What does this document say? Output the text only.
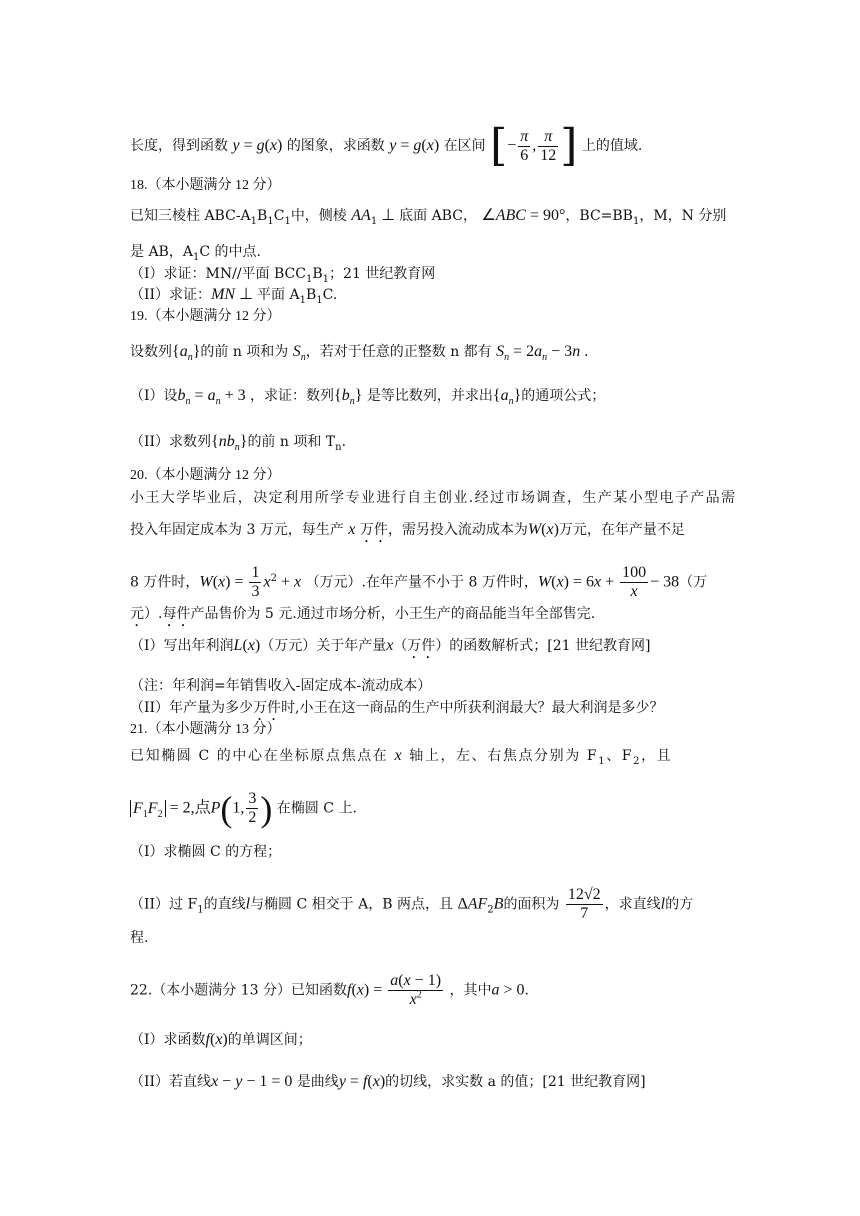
长度，得到函数 y = g(x) 的图象，求函数 y = g(x) 在区间 [− $\frac{\pi}{6}$ , $\frac{\pi}{12}$ ] 上的值域.
18.（本小题满分 12 分）
已知三棱柱 ABC-$A_1B_1C_1$中，侧棱 $AA_1$ ⊥ 底面 ABC， ∠ABC = 90°，$BC=BB_1$，M，N 分别
是 AB，$A_1C$ 的中点.
（I）求证：MN//平面 $BCC_1B_1$；21 世纪教育网
（II）求证：MN ⊥ 平面 $A_1B_1C$.
19.（本小题满分 12 分）
设数列$\{a_n\}$的前 n 项和为 $S_n$，若对于任意的正整数 n 都有 $S_n = 2a_n - 3n$ .
（I）设$b_n = a_n + 3$ ，求证：数列$\{b_n\}$ 是等比数列，并求出$\{a_n\}$的通项公式；
（II）求数列$\{nb_n\}$的前 n 项和 $T_n$.
20.（本小题满分 12 分）
小王大学毕业后，决定利用所学专业进行自主创业.经过市场调查，生产某小型电子产品需
投入年固定成本为 3 万元，每生产 x 万件，需另投入流动成本为W(x)万元，在年产量不足
8 万件时，$W(x) = \frac{1}{3} x^2 + x$ （万元）.在年产量不小于 8 万件时，$W(x) = 6x + \frac{100}{x} - 38$（万
元）.每件产品售价为 5 元.通过市场分析，小王生产的商品能当年全部售完.
（I）写出年利润L(x)（万元）关于年产量x（万件）的函数解析式；[21 世纪教育网]
（注：年利润=年销售收入-固定成本-流动成本）
（II）年产量为多少万件时,小王在这一商品的生产中所获利润最大？最大利润是多少？
21.（本小题满分 13 分）
已知椭圆 C 的中心在坐标原点焦点在 x 轴上，左、右焦点分别为 $F_1$、$F_2$，且
$F_1F_2 = 2$,点P(1, $\frac{3}{2}$ ) 在椭圆 C 上.
（I）求椭圆 C 的方程；
（II）过 $F_1$的直线l与椭圆 C 相交于 A，B 两点，且 $\Delta AF_2B$的面积为 $\frac{12√2}{7}$ ，求直线l的方
程.
22.（本小题满分 13 分）已知函数$f(x) = \frac{a(x - 1)}{x^2}$ ，其中a > 0.
（I）求函数f(x)的单调区间；
（II）若直线x − y − 1 = 0 是曲线y = f(x)的切线，求实数 a 的值；[21 世纪教育网]
